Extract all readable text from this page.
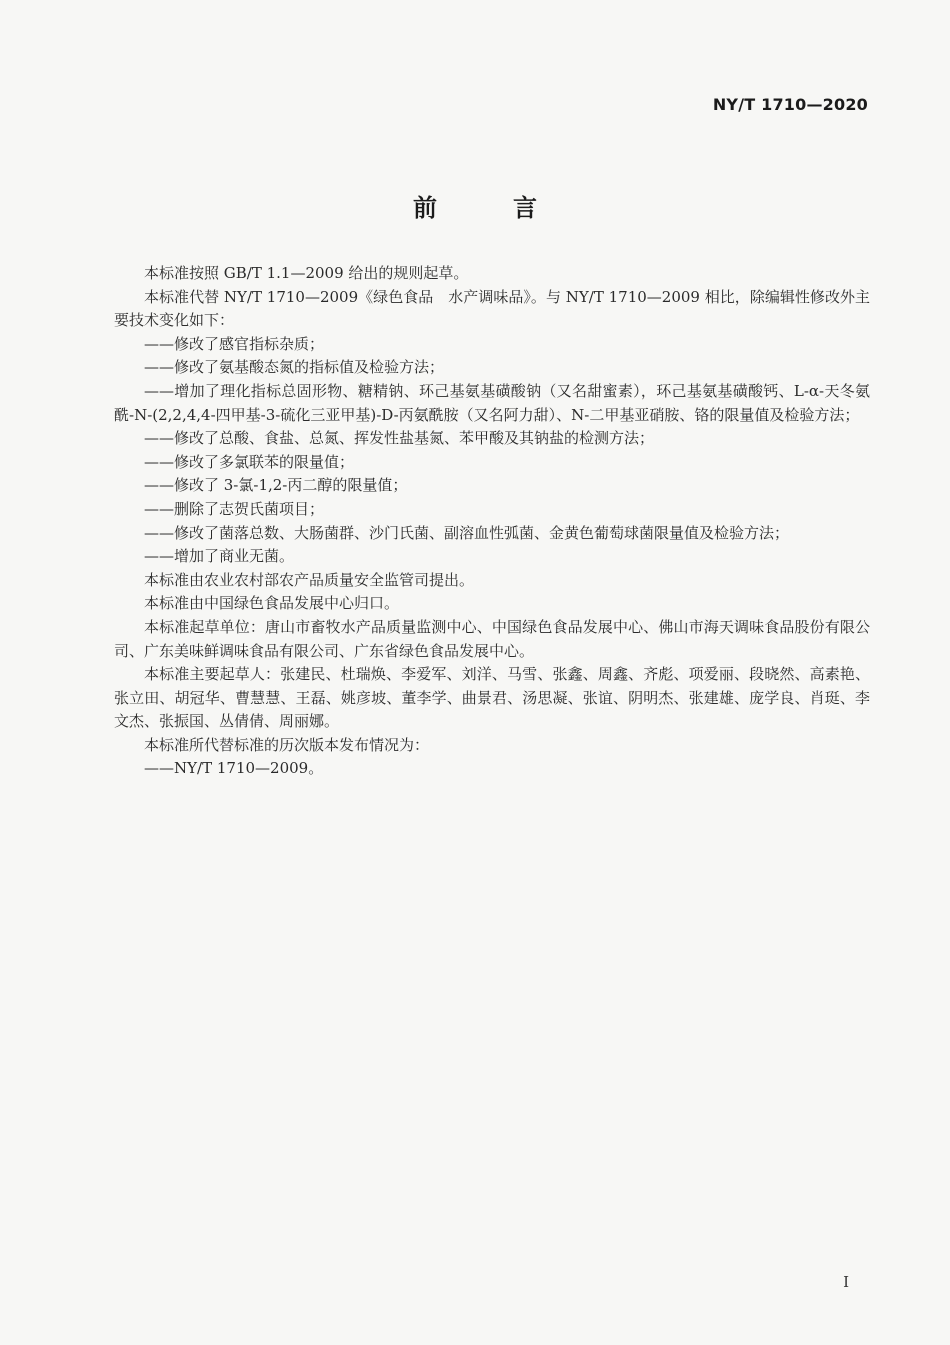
NY/T 1710—2020
前　言

本标准按照 GB/T 1.1—2009 给出的规则起草。

本标准代替 NY/T 1710—2009《绿色食品　水产调味品》。与 NY/T 1710—2009 相比，除编辑性修改外主要技术变化如下：

——修改了感官指标杂质；

——修改了氨基酸态氮的指标值及检验方法；

——增加了理化指标总固形物、糖精钠、环己基氨基磺酸钠（又名甜蜜素），环己基氨基磺酸钙、L-α-天冬氨酰-N-(2,2,4,4-四甲基-3-硫化三亚甲基)-D-丙氨酰胺（又名阿力甜）、N-二甲基亚硝胺、铬的限量值及检验方法；

——修改了总酸、食盐、总氮、挥发性盐基氮、苯甲酸及其钠盐的检测方法；

——修改了多氯联苯的限量值；

——修改了 3-氯-1,2-丙二醇的限量值；

——删除了志贺氏菌项目；

——修改了菌落总数、大肠菌群、沙门氏菌、副溶血性弧菌、金黄色葡萄球菌限量值及检验方法；

——增加了商业无菌。

本标准由农业农村部农产品质量安全监管司提出。

本标准由中国绿色食品发展中心归口。

本标准起草单位：唐山市畜牧水产品质量监测中心、中国绿色食品发展中心、佛山市海天调味食品股份有限公司、广东美味鲜调味食品有限公司、广东省绿色食品发展中心。

本标准主要起草人：张建民、杜瑞焕、李爱军、刘洋、马雪、张鑫、周鑫、齐彪、项爱丽、段晓然、高素艳、张立田、胡冠华、曹慧慧、王磊、姚彦坡、董李学、曲景君、汤思凝、张谊、阴明杰、张建雄、庞学良、肖珽、李文杰、张振国、丛倩倩、周丽娜。

本标准所代替标准的历次版本发布情况为：

——NY/T 1710—2009。

I
